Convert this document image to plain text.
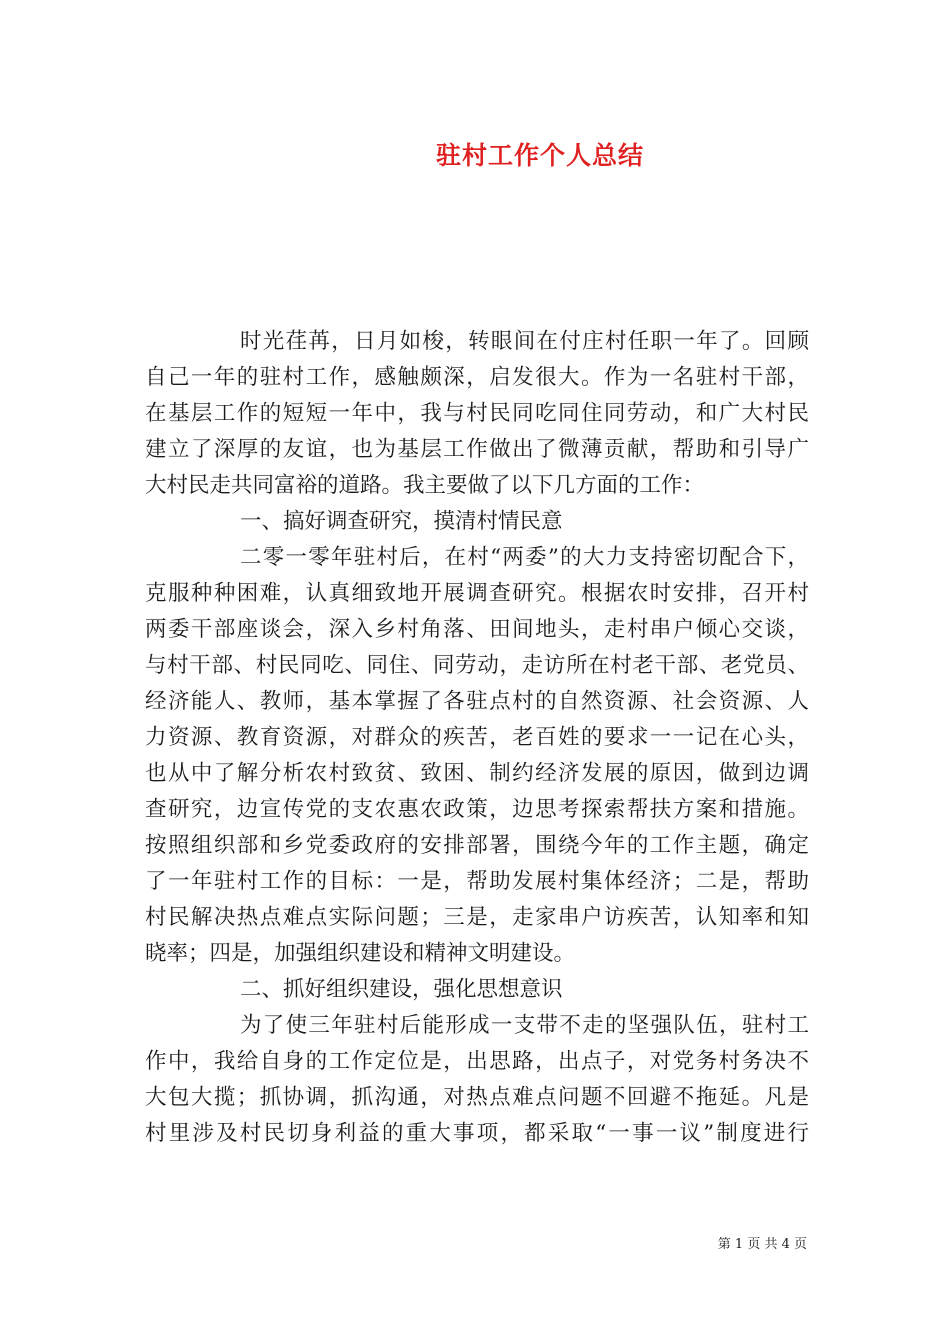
驻村工作个人总结
时光荏苒，日月如梭，转眼间在付庄村任职一年了。回顾
自己一年的驻村工作，感触颇深，启发很大。作为一名驻村干部，
在基层工作的短短一年中，我与村民同吃同住同劳动，和广大村民
建立了深厚的友谊，也为基层工作做出了微薄贡献，帮助和引导广
大村民走共同富裕的道路。我主要做了以下几方面的工作：
一、搞好调查研究，摸清村情民意
二零一零年驻村后，在村“两委”的大力支持密切配合下，
克服种种困难，认真细致地开展调查研究。根据农时安排，召开村
两委干部座谈会，深入乡村角落、田间地头，走村串户倾心交谈，
与村干部、村民同吃、同住、同劳动，走访所在村老干部、老党员、
经济能人、教师，基本掌握了各驻点村的自然资源、社会资源、人
力资源、教育资源，对群众的疾苦，老百姓的要求一一记在心头，
也从中了解分析农村致贫、致困、制约经济发展的原因，做到边调
查研究，边宣传党的支农惠农政策，边思考探索帮扶方案和措施。
按照组织部和乡党委政府的安排部署，围绕今年的工作主题，确定
了一年驻村工作的目标：一是，帮助发展村集体经济；二是，帮助
村民解决热点难点实际问题；三是，走家串户访疾苦，认知率和知
晓率；四是，加强组织建设和精神文明建设。
二、抓好组织建设，强化思想意识
为了使三年驻村后能形成一支带不走的坚强队伍，驻村工
作中，我给自身的工作定位是，出思路，出点子，对党务村务决不
大包大揽；抓协调，抓沟通，对热点难点问题不回避不拖延。凡是
村里涉及村民切身利益的重大事项，都采取“一事一议”制度进行
第 1 页 共 4 页
